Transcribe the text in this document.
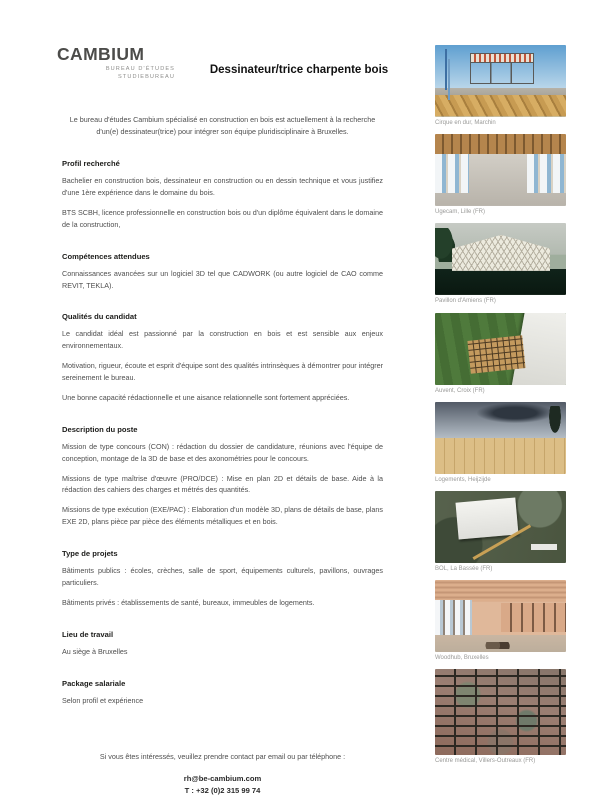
CAMBIUM
BUREAU D'ÉTUDES
STUDIEBUREAU
Dessinateur/trice charpente bois

Le bureau d'études Cambium spécialisé en construction en bois est actuellement à la recherche d'un(e) dessinateur(trice) pour intégrer son équipe pluridisciplinaire à Bruxelles.

Profil recherché

Bachelier en construction bois, dessinateur en construction ou en dessin technique et vous justifiez d'une 1ère expérience dans le domaine du bois.

BTS SCBH, licence professionnelle en construction bois ou d'un diplôme équivalent dans le domaine de la construction,

Compétences attendues

Connaissances avancées sur un logiciel 3D tel que CADWORK (ou autre logiciel de CAO comme REVIT, TEKLA).

Qualités du candidat

Le candidat idéal est passionné par la construction en bois et est sensible aux enjeux environnementaux.

Motivation, rigueur, écoute et esprit d'équipe sont des qualités intrinsèques à démontrer pour intégrer sereinement le bureau.

Une bonne capacité rédactionnelle et une aisance relationnelle sont fortement appréciées.

Description du poste

Mission de type concours (CON) : rédaction du dossier de candidature, réunions avec l'équipe de conception, montage de la 3D de base et des axonométries pour le concours.

Missions de type maîtrise d'œuvre (PRO/DCE) : Mise en plan 2D et détails de base. Aide à la rédaction des cahiers des charges et métrés des quantités.

Missions de type exécution (EXE/PAC) : Elaboration d'un modèle 3D, plans de détails de base, plans EXE 2D, plans pièce par pièce des éléments métalliques et en bois.

Type de projets

Bâtiments publics : écoles, crèches, salle de sport, équipements culturels, pavillons, ouvrages particuliers.

Bâtiments privés : établissements de santé, bureaux, immeubles de logements.

Lieu de travail

Au siège à Bruxelles

Package salariale

Selon profil et expérience

Si vous êtes intéressés, veuillez prendre contact par email ou par téléphone :

rh@be-cambium.com

T : +32 (0)2 315 99 74

Cirque en dur, Marchin
Ugecam, Lille (FR)
Pavillon d'Amiens (FR)
Auvent, Croix (FR)
Logements, Heijzijde
BOL, La Bassée (FR)
Woodhub, Bruxelles
Centre médical, Villers-Outreaux (FR)
